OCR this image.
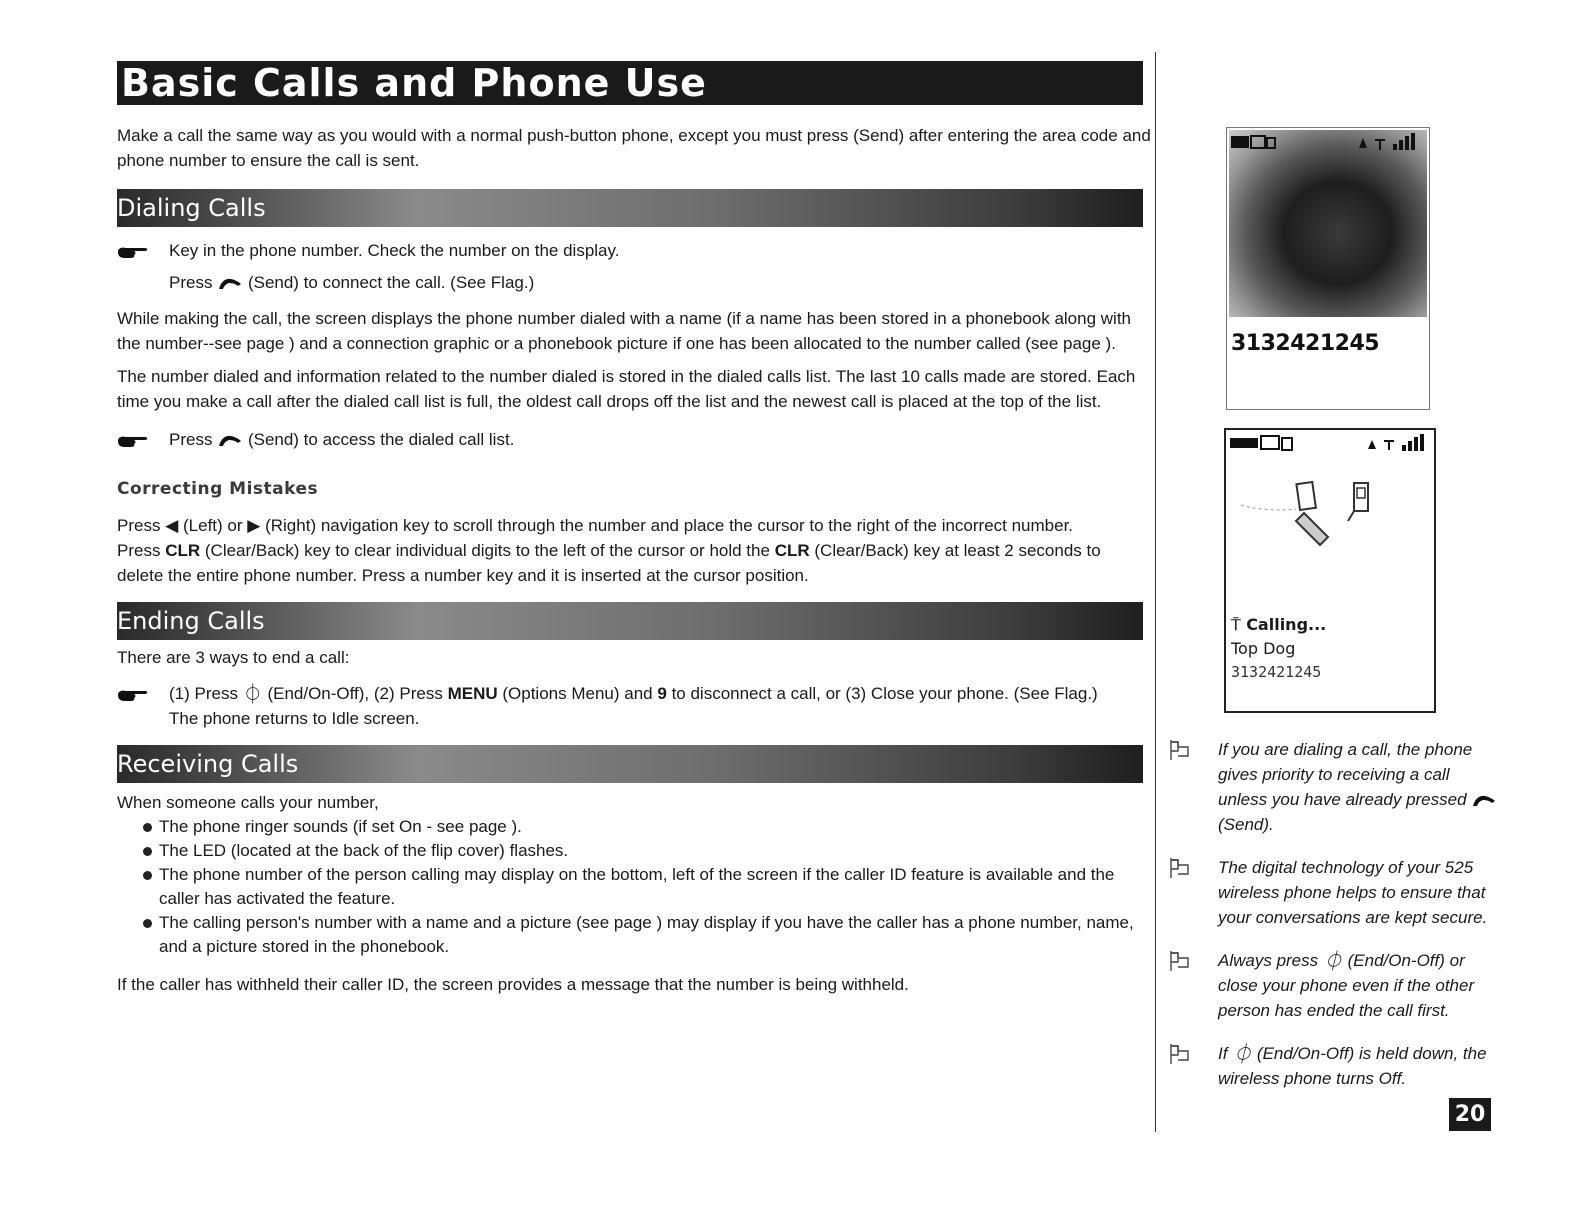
Basic Calls and Phone Use
Make a call the same way as you would with a normal push-button phone, except you must press (Send) after entering the area code and phone number to ensure the call is sent.
Dialing Calls
Key in the phone number. Check the number on the display.
Press (Send) to connect the call. (See Flag.)
While making the call, the screen displays the phone number dialed with a name (if a name has been stored in a phonebook along with the number--see page ) and a connection graphic or a phonebook picture if one has been allocated to the number called (see page ).
The number dialed and information related to the number dialed is stored in the dialed calls list. The last 10 calls made are stored. Each time you make a call after the dialed call list is full, the oldest call drops off the list and the newest call is placed at the top of the list.
Press (Send) to access the dialed call list.
Correcting Mistakes
Press ◀ (Left) or ▶ (Right) navigation key to scroll through the number and place the cursor to the right of the incorrect number.
Press CLR (Clear/Back) key to clear individual digits to the left of the cursor or hold the CLR (Clear/Back) key at least 2 seconds to
delete the entire phone number. Press a number key and it is inserted at the cursor position.
Ending Calls
There are 3 ways to end a call:
(1) Press ⏀ (End/On-Off), (2) Press MENU (Options Menu) and 9 to disconnect a call, or (3) Close your phone. (See Flag.)
The phone returns to Idle screen.
Receiving Calls
When someone calls your number,
The phone ringer sounds (if set On - see page ).
The LED (located at the back of the flip cover) flashes.
The phone number of the person calling may display on the bottom, left of the screen if the caller ID feature is available and the caller has activated the feature.
The calling person's number with a name and a picture (see page ) may display if you have the caller has a phone number, name, and a picture stored in the phonebook.
If the caller has withheld their caller ID, the screen provides a message that the number is being withheld.
3132421245
⍑ Calling...
Top Dog
3132421245
If you are dialing a call, the phone gives priority to receiving a call unless you have already pressed  (Send).
The digital technology of your 525 wireless phone helps to ensure that your conversations are kept secure.
Always press ⏀ (End/On-Off) or close your phone even if the other person has ended the call first.
If ⏀ (End/On-Off) is held down, the wireless phone turns Off.
20
